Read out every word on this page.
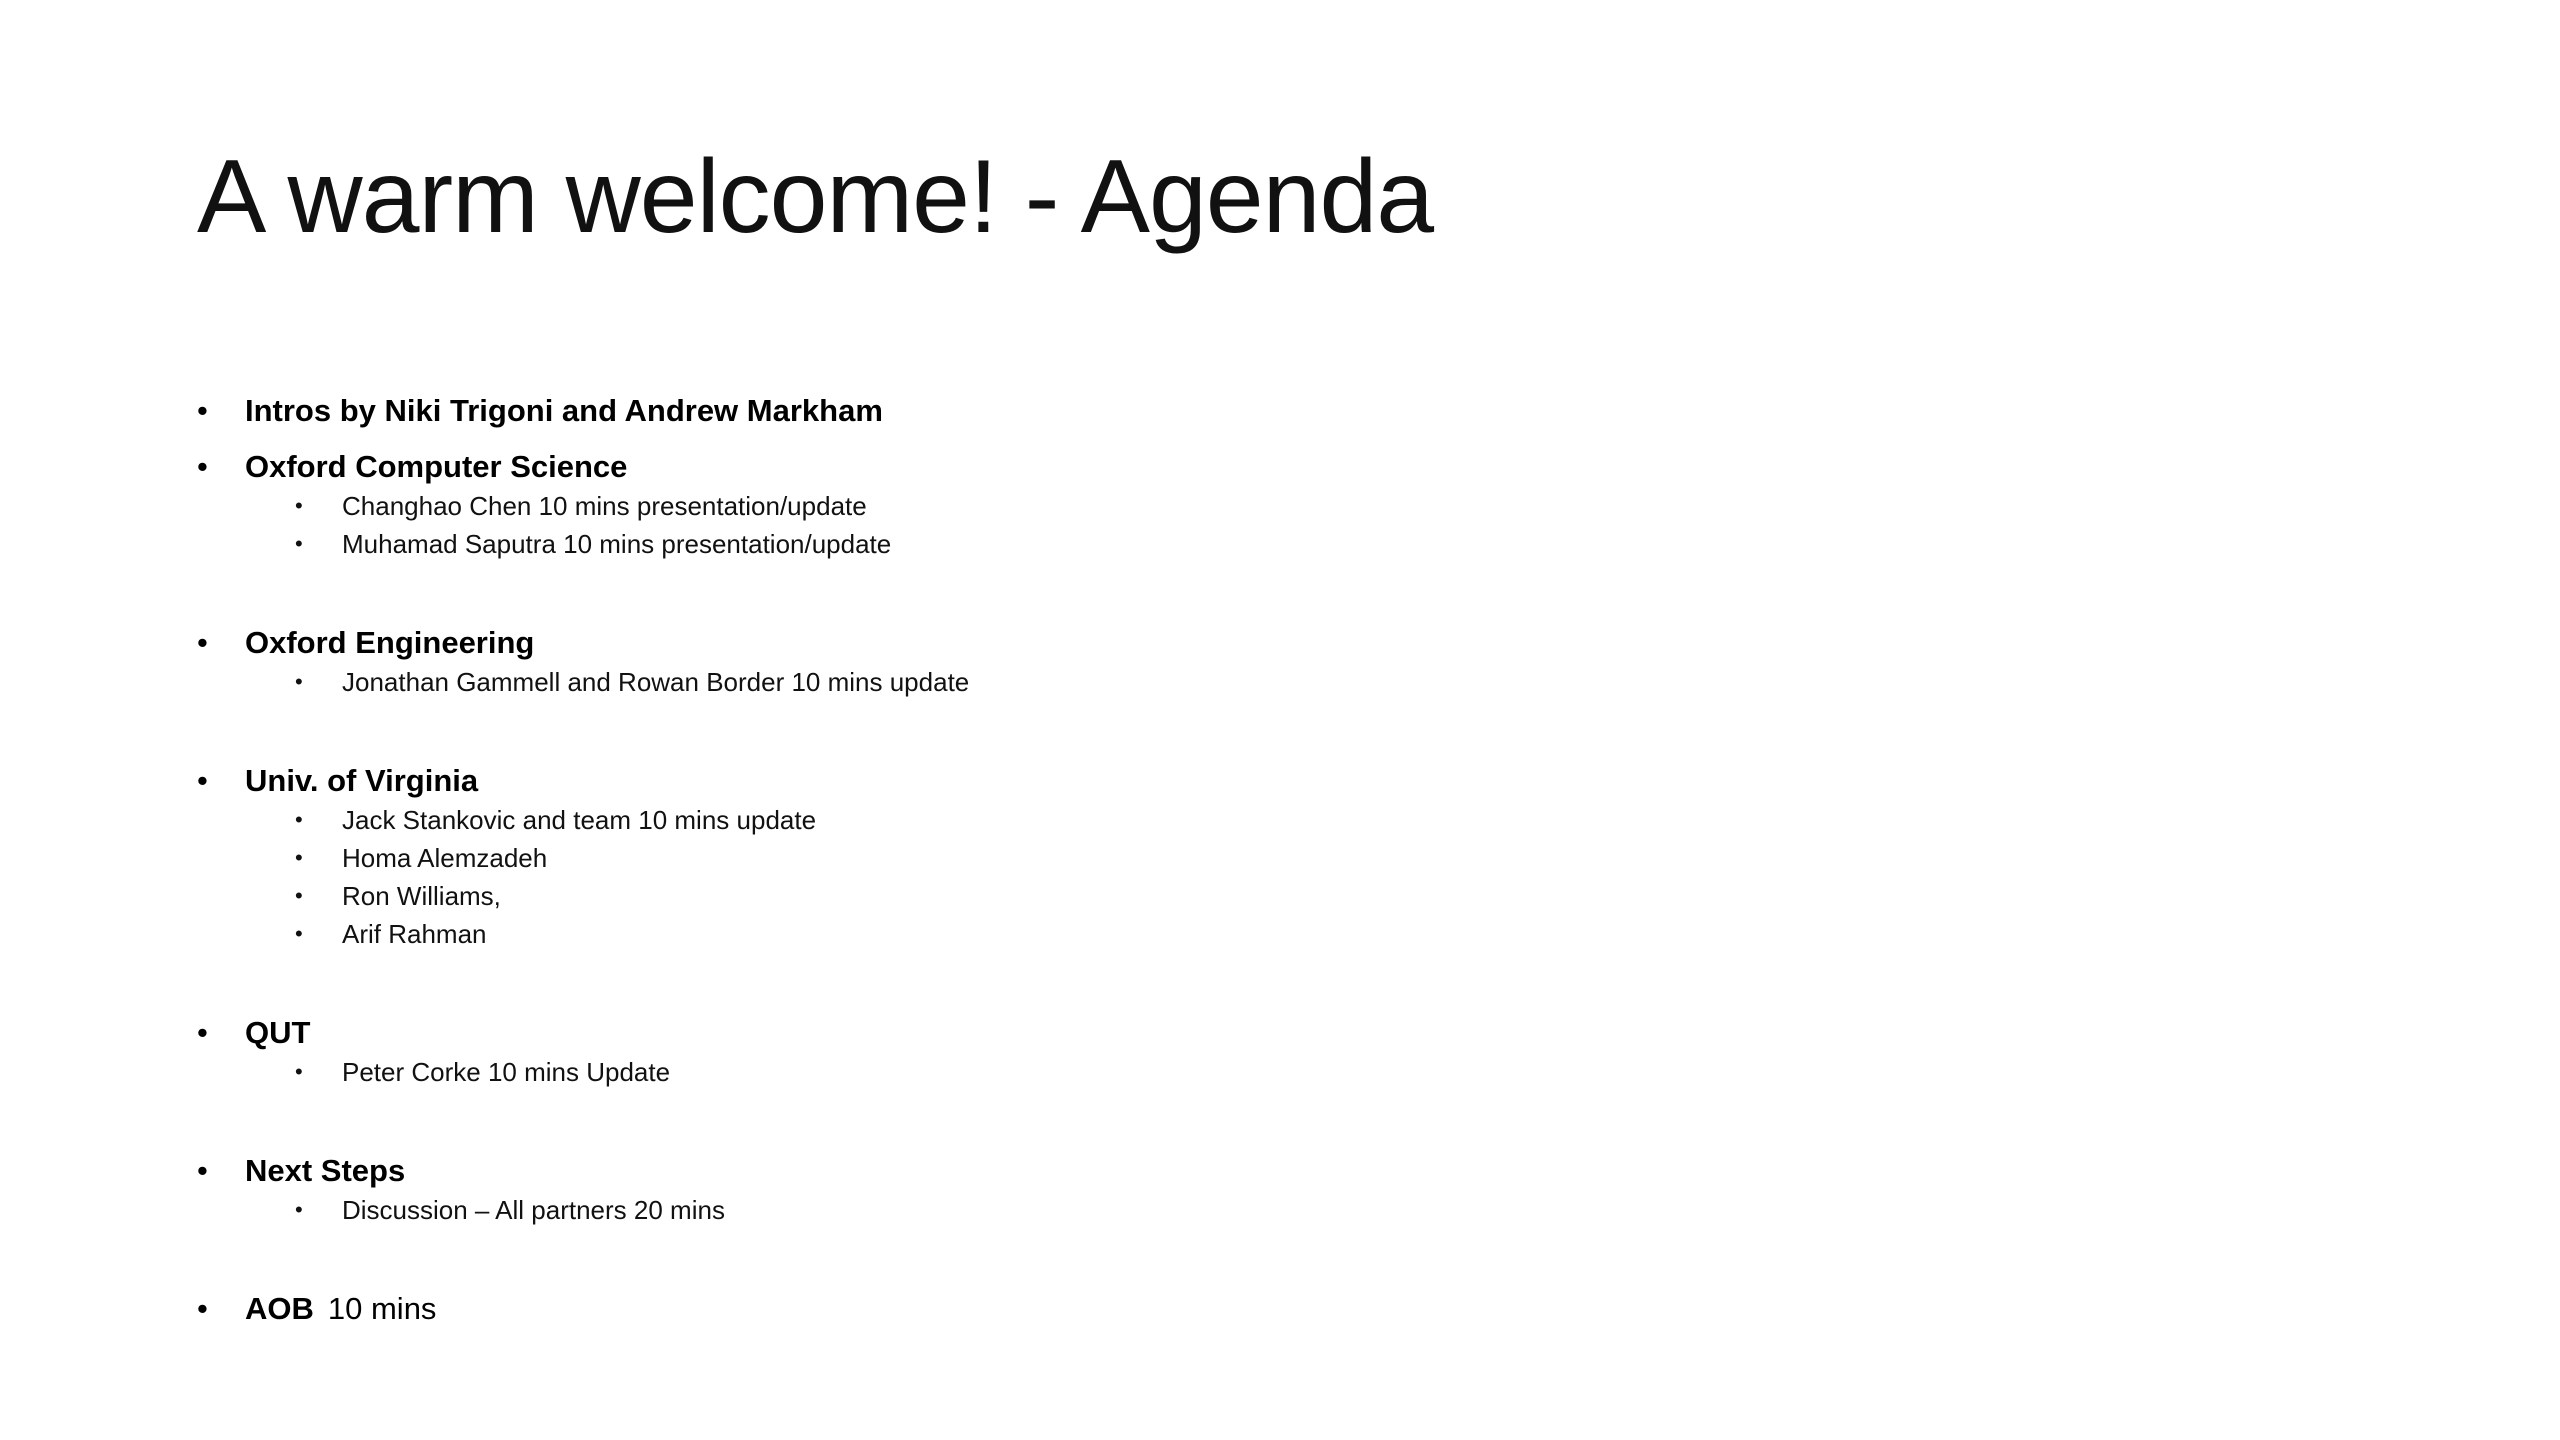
A warm welcome! - Agenda
• Intros by Niki Trigoni and Andrew Markham
• Oxford Computer Science
• Changhao Chen 10 mins presentation/update
• Muhamad Saputra 10 mins presentation/update
• Oxford Engineering
• Jonathan Gammell and Rowan Border 10 mins update
• Univ. of Virginia
• Jack Stankovic and team 10 mins update
• Homa Alemzadeh
• Ron Williams,
• Arif Rahman
• QUT
• Peter Corke 10 mins Update
• Next Steps
• Discussion – All partners 20 mins
• AOB 10 mins
